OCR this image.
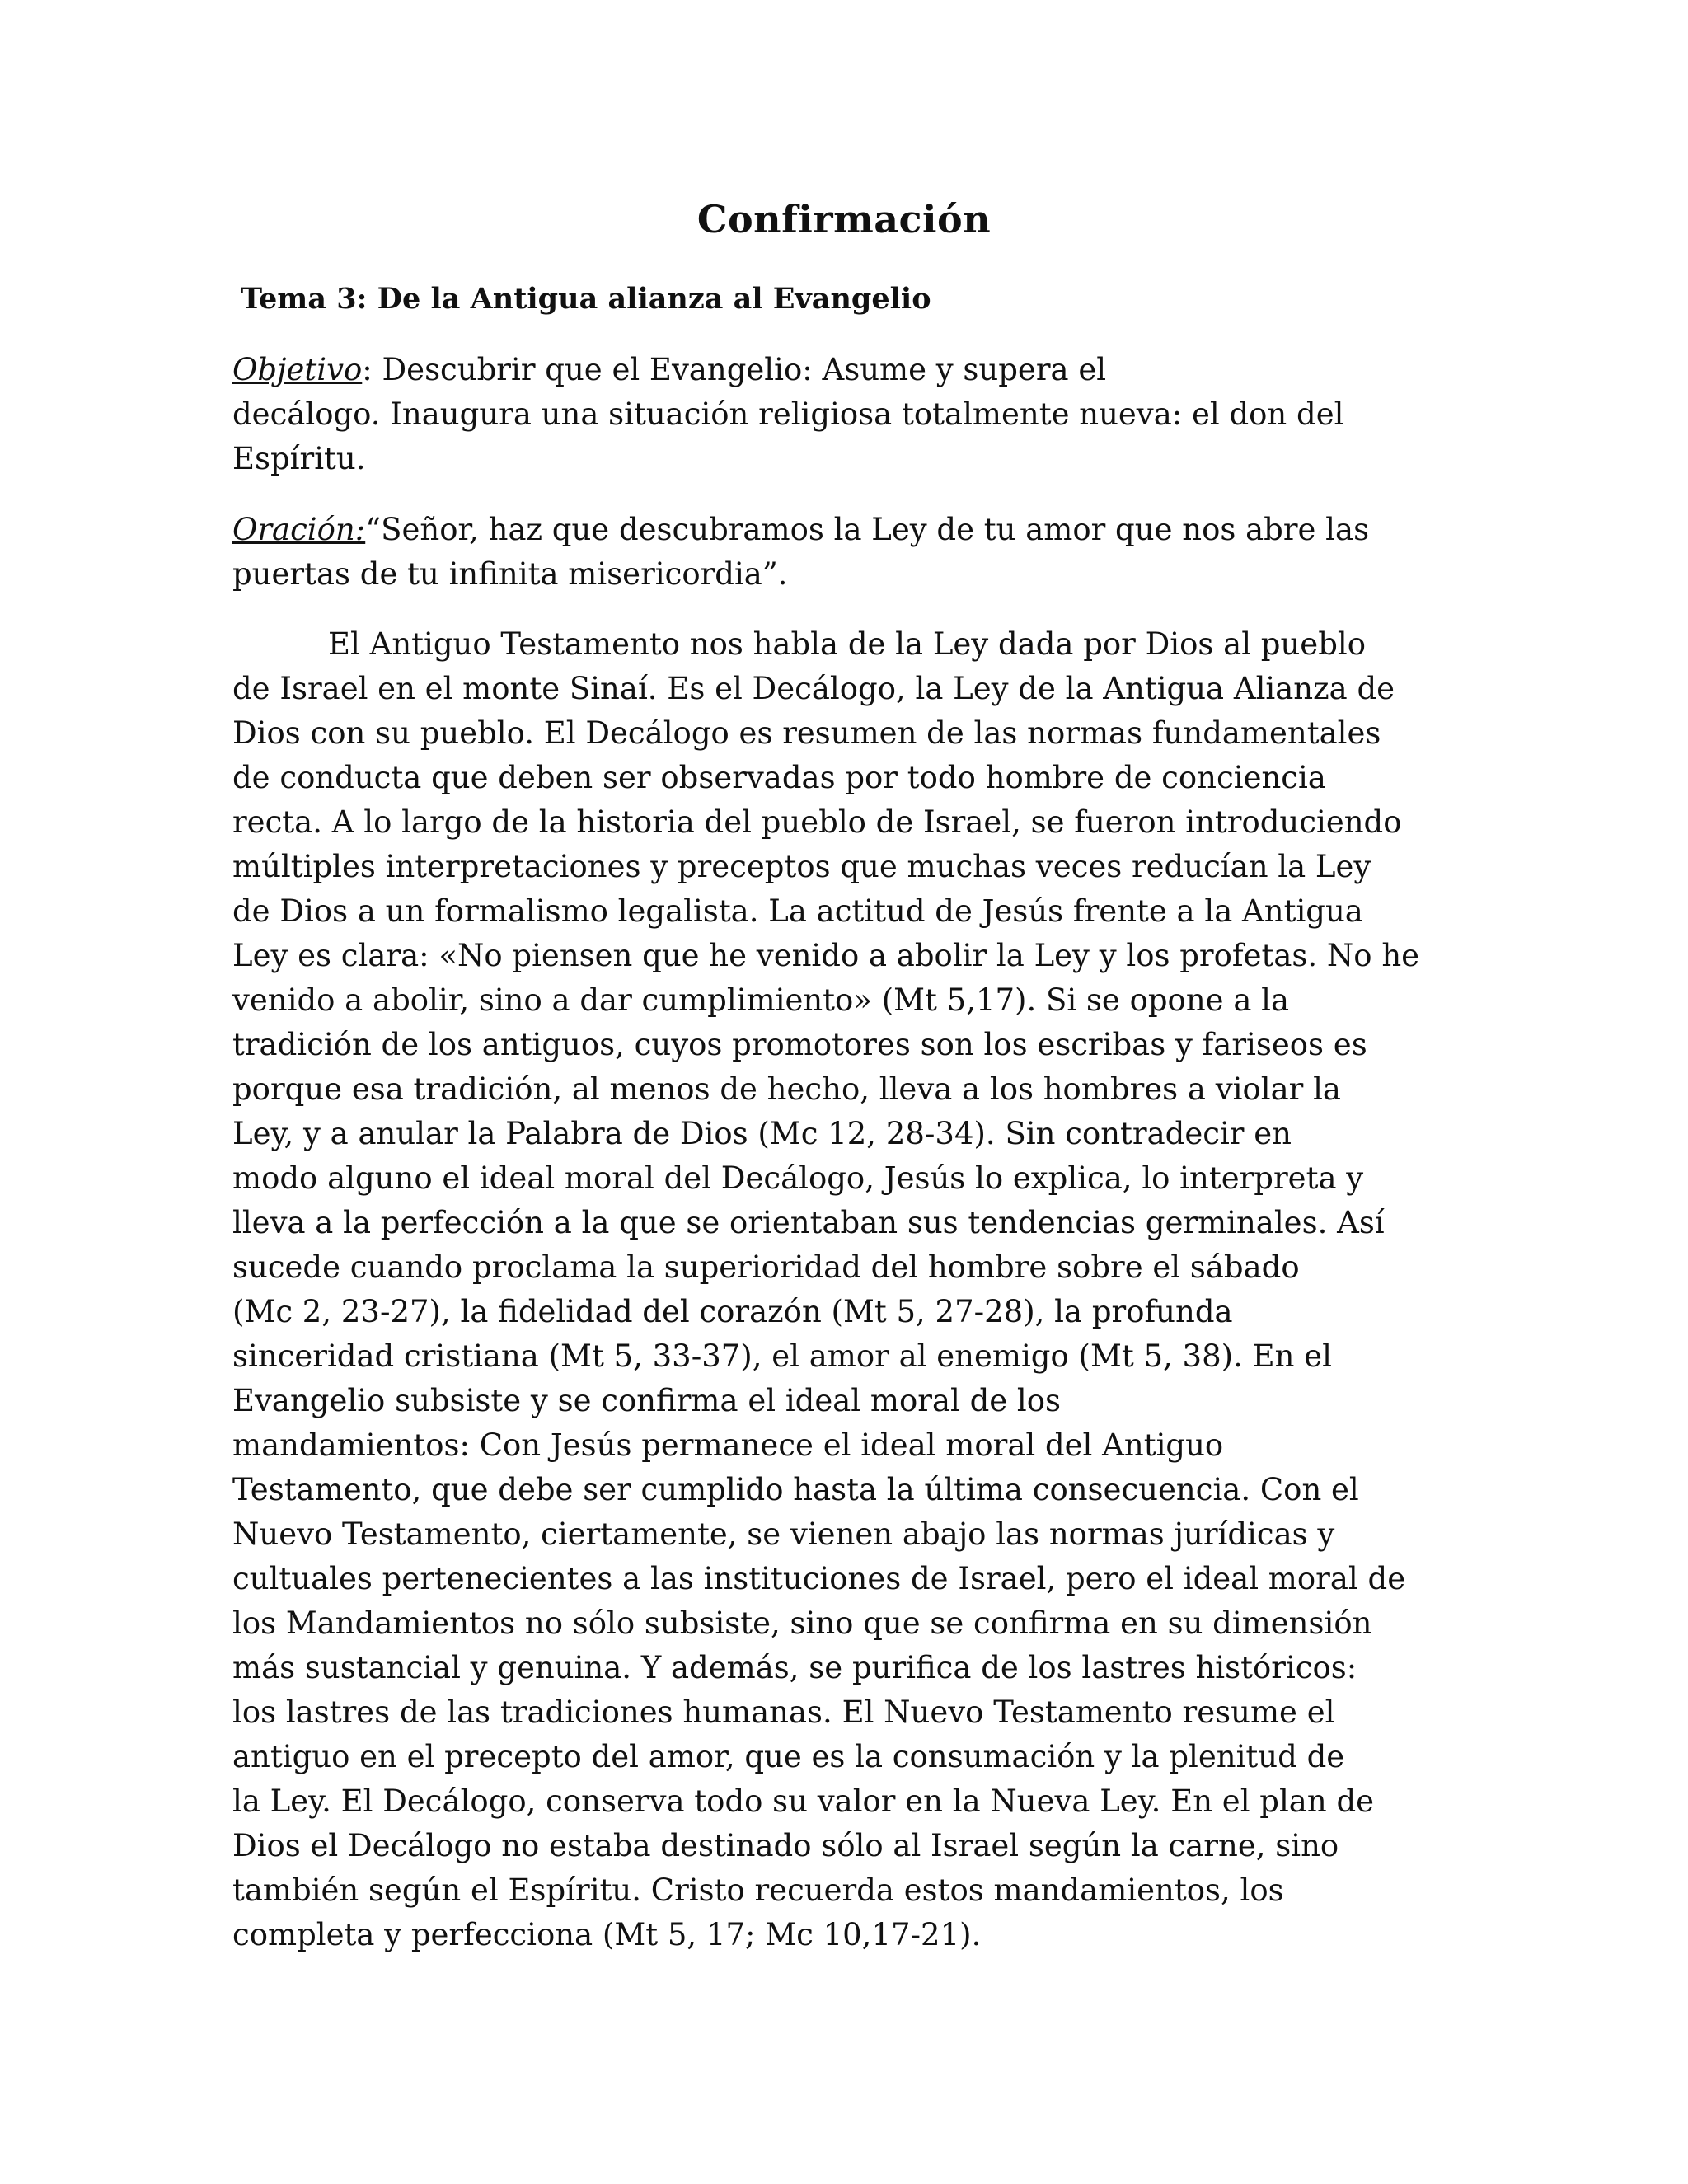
Confirmación
Tema 3: De la Antigua alianza al Evangelio
Objetivo: Descubrir que el Evangelio: Asume y supera el
decálogo. Inaugura una situación religiosa totalmente nueva: el don del
Espíritu.
Oración:“Señor, haz que descubramos la Ley de tu amor que nos abre las
puertas de tu infinita misericordia”.
El Antiguo Testamento nos habla de la Ley dada por Dios al pueblo
de Israel en el monte Sinaí. Es el Decálogo, la Ley de la Antigua Alianza de
Dios con su pueblo. El Decálogo es resumen de las normas fundamentales
de conducta que deben ser observadas por todo hombre de conciencia
recta. A lo largo de la historia del pueblo de Israel, se fueron introduciendo
múltiples interpretaciones y preceptos que muchas veces reducían la Ley
de Dios a un formalismo legalista. La actitud de Jesús frente a la Antigua
Ley es clara: «No piensen que he venido a abolir la Ley y los profetas. No he
venido a abolir, sino a dar cumplimiento» (Mt 5,17). Si se opone a la
tradición de los antiguos, cuyos promotores son los escribas y fariseos es
porque esa tradición, al menos de hecho, lleva a los hombres a violar la
Ley, y a anular la Palabra de Dios (Mc 12, 28-34). Sin contradecir en
modo alguno el ideal moral del Decálogo, Jesús lo explica, lo interpreta y
lleva a la perfección a la que se orientaban sus tendencias germinales. Así
sucede cuando proclama la superioridad del hombre sobre el sábado
(Mc 2, 23-27), la fidelidad del corazón (Mt 5, 27-28), la profunda
sinceridad cristiana (Mt 5, 33-37), el amor al enemigo (Mt 5, 38). En el
Evangelio subsiste y se confirma el ideal moral de los
mandamientos: Con Jesús permanece el ideal moral del Antiguo
Testamento, que debe ser cumplido hasta la última consecuencia. Con el
Nuevo Testamento, ciertamente, se vienen abajo las normas jurídicas y
cultuales pertenecientes a las instituciones de Israel, pero el ideal moral de
los Mandamientos no sólo subsiste, sino que se confirma en su dimensión
más sustancial y genuina. Y además, se purifica de los lastres históricos:
los lastres de las tradiciones humanas. El Nuevo Testamento resume el
antiguo en el precepto del amor, que es la consumación y la plenitud de
la Ley. El Decálogo, conserva todo su valor en la Nueva Ley. En el plan de
Dios el Decálogo no estaba destinado sólo al Israel según la carne, sino
también según el Espíritu. Cristo recuerda estos mandamientos, los
completa y perfecciona (Mt 5, 17; Mc 10,17-21).
